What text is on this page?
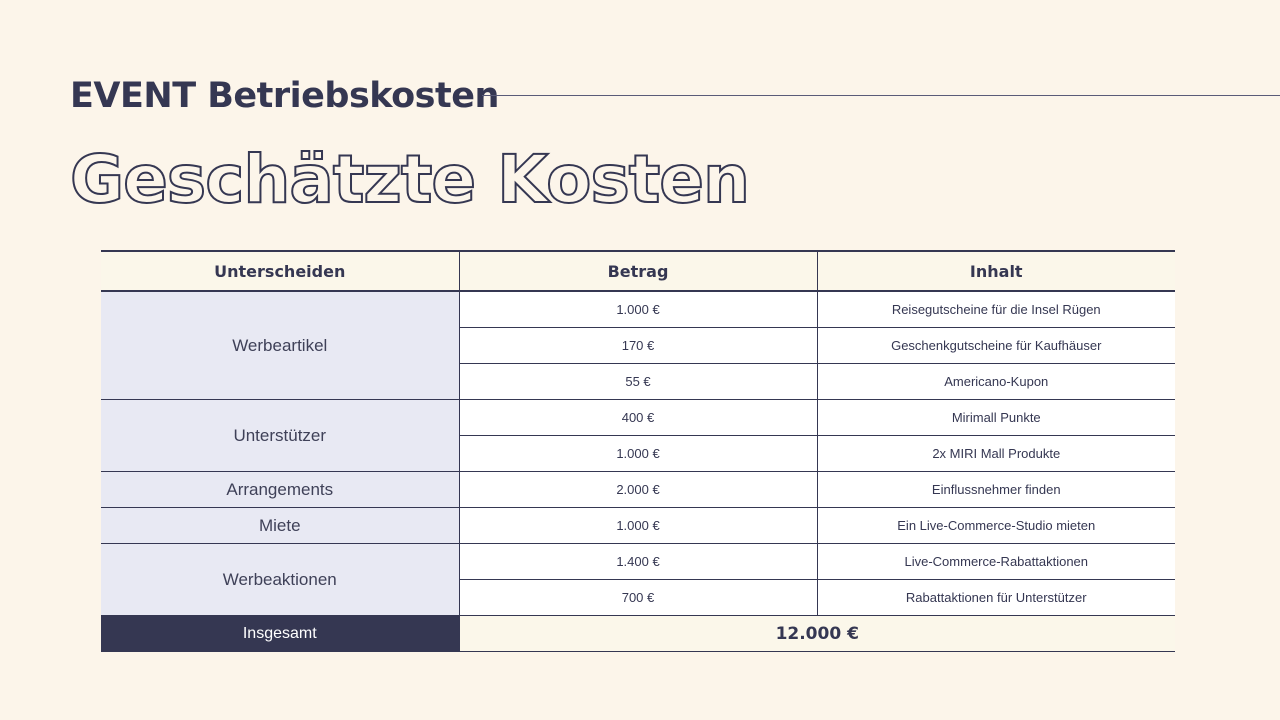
EVENT Betriebskosten
Geschätzte Kosten
Unterscheiden	Betrag	Inhalt
Werbeartikel	1.000 €	Reisegutscheine für die Insel Rügen
	170 €	Geschenkgutscheine für Kaufhäuser
	55 €	Americano-Kupon
Unterstützer	400 €	Mirimall Punkte
	1.000 €	2x MIRI Mall Produkte
Arrangements	2.000 €	Einflussnehmer finden
Miete	1.000 €	Ein Live-Commerce-Studio mieten
Werbeaktionen	1.400 €	Live-Commerce-Rabattaktionen
	700 €	Rabattaktionen für Unterstützer
Insgesamt	12.000 €	
